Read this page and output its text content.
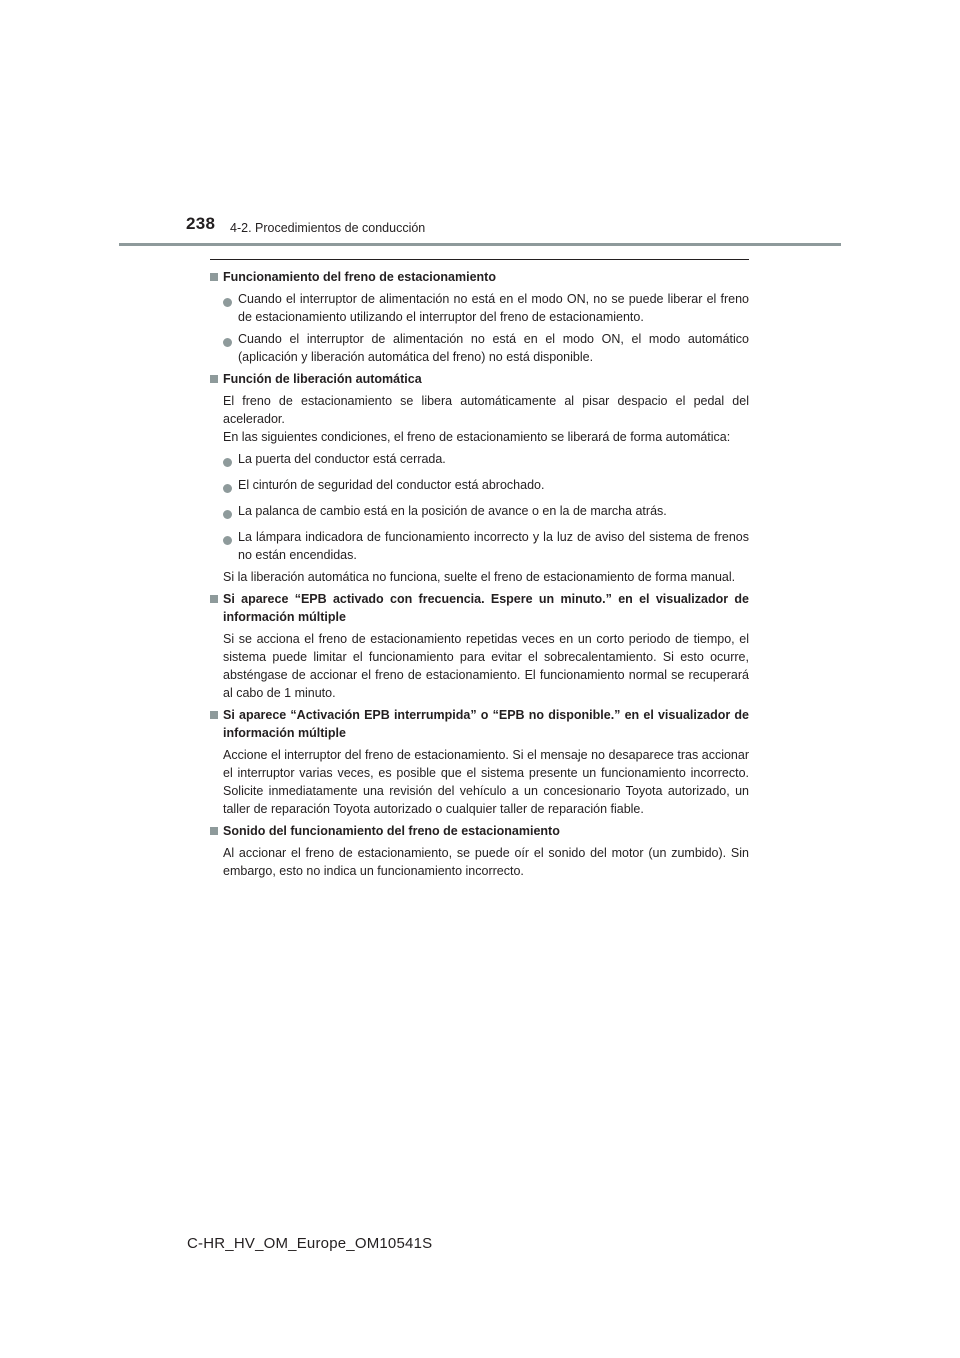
238 4-2. Procedimientos de conducción
Funcionamiento del freno de estacionamiento
Cuando el interruptor de alimentación no está en el modo ON, no se puede liberar el freno de estacionamiento utilizando el interruptor del freno de estacionamiento.
Cuando el interruptor de alimentación no está en el modo ON, el modo automático (aplicación y liberación automática del freno) no está disponible.
Función de liberación automática
El freno de estacionamiento se libera automáticamente al pisar despacio el pedal del acelerador.
En las siguientes condiciones, el freno de estacionamiento se liberará de forma automática:
La puerta del conductor está cerrada.
El cinturón de seguridad del conductor está abrochado.
La palanca de cambio está en la posición de avance o en la de marcha atrás.
La lámpara indicadora de funcionamiento incorrecto y la luz de aviso del sistema de frenos no están encendidas.
Si la liberación automática no funciona, suelte el freno de estacionamiento de forma manual.
Si aparece “EPB activado con frecuencia. Espere un minuto.” en el visualizador de información múltiple
Si se acciona el freno de estacionamiento repetidas veces en un corto periodo de tiempo, el sistema puede limitar el funcionamiento para evitar el sobrecalentamiento. Si esto ocurre, absténgase de accionar el freno de estacionamiento. El funcionamiento normal se recuperará al cabo de 1 minuto.
Si aparece “Activación EPB interrumpida” o “EPB no disponible.” en el visualizador de información múltiple
Accione el interruptor del freno de estacionamiento. Si el mensaje no desaparece tras accionar el interruptor varias veces, es posible que el sistema presente un funcionamiento incorrecto. Solicite inmediatamente una revisión del vehículo a un concesionario Toyota autorizado, un taller de reparación Toyota autorizado o cualquier taller de reparación fiable.
Sonido del funcionamiento del freno de estacionamiento
Al accionar el freno de estacionamiento, se puede oír el sonido del motor (un zumbido). Sin embargo, esto no indica un funcionamiento incorrecto.
C-HR_HV_OM_Europe_OM10541S
